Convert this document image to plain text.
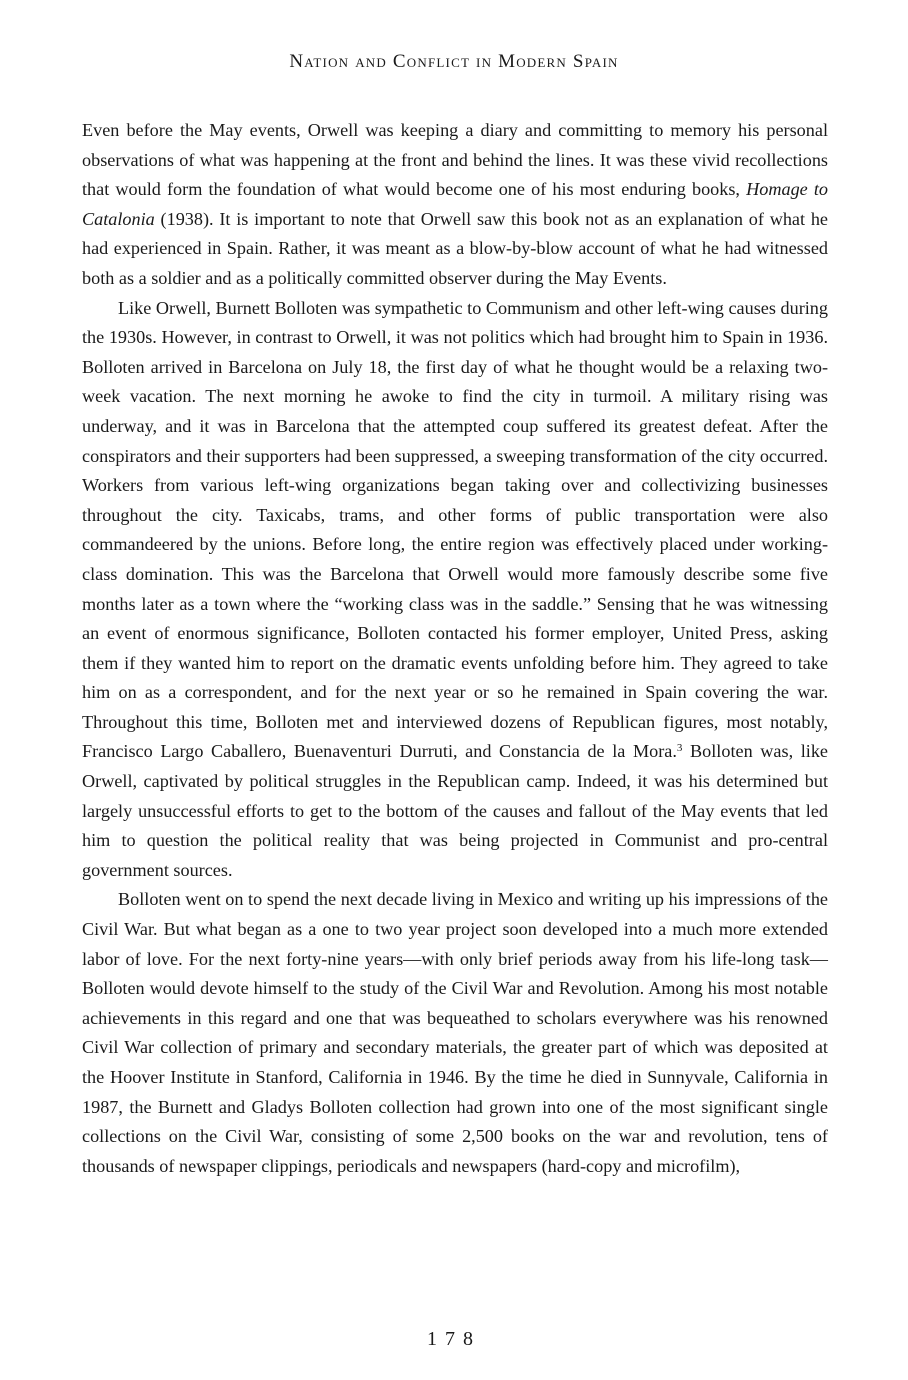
Nation and Conflict in Modern Spain

Even before the May events, Orwell was keeping a diary and committing to memory his personal observations of what was happening at the front and behind the lines. It was these vivid recollections that would form the foundation of what would become one of his most enduring books, Homage to Catalonia (1938). It is important to note that Orwell saw this book not as an explanation of what he had experienced in Spain. Rather, it was meant as a blow-by-blow account of what he had witnessed both as a soldier and as a politically committed observer during the May Events.

Like Orwell, Burnett Bolloten was sympathetic to Communism and other left-wing causes during the 1930s. However, in contrast to Orwell, it was not politics which had brought him to Spain in 1936. Bolloten arrived in Barcelona on July 18, the first day of what he thought would be a relaxing two-week vacation. The next morning he awoke to find the city in turmoil. A military rising was underway, and it was in Barcelona that the attempted coup suffered its greatest defeat. After the conspirators and their supporters had been suppressed, a sweeping transformation of the city occurred. Workers from various left-wing organizations began taking over and collectivizing businesses throughout the city. Taxicabs, trams, and other forms of public transportation were also commandeered by the unions. Before long, the entire region was effectively placed under working-class domination. This was the Barcelona that Orwell would more famously describe some five months later as a town where the “working class was in the saddle.” Sensing that he was witnessing an event of enormous significance, Bolloten contacted his former employer, United Press, asking them if they wanted him to report on the dramatic events unfolding before him. They agreed to take him on as a correspondent, and for the next year or so he remained in Spain covering the war. Throughout this time, Bolloten met and interviewed dozens of Republican figures, most notably, Francisco Largo Caballero, Buenaventuri Durruti, and Constancia de la Mora.$^3$ Bolloten was, like Orwell, captivated by political struggles in the Republican camp. Indeed, it was his determined but largely unsuccessful efforts to get to the bottom of the causes and fallout of the May events that led him to question the political reality that was being projected in Communist and pro-central government sources.

Bolloten went on to spend the next decade living in Mexico and writing up his impressions of the Civil War. But what began as a one to two year project soon developed into a much more extended labor of love. For the next forty-nine years—with only brief periods away from his life-long task—Bolloten would devote himself to the study of the Civil War and Revolution. Among his most notable achievements in this regard and one that was bequeathed to scholars everywhere was his renowned Civil War collection of primary and secondary materials, the greater part of which was deposited at the Hoover Institute in Stanford, California in 1946. By the time he died in Sunnyvale, California in 1987, the Burnett and Gladys Bolloten collection had grown into one of the most significant single collections on the Civil War, consisting of some 2,500 books on the war and revolution, tens of thousands of newspaper clippings, periodicals and newspapers (hard-copy and microfilm),

178
